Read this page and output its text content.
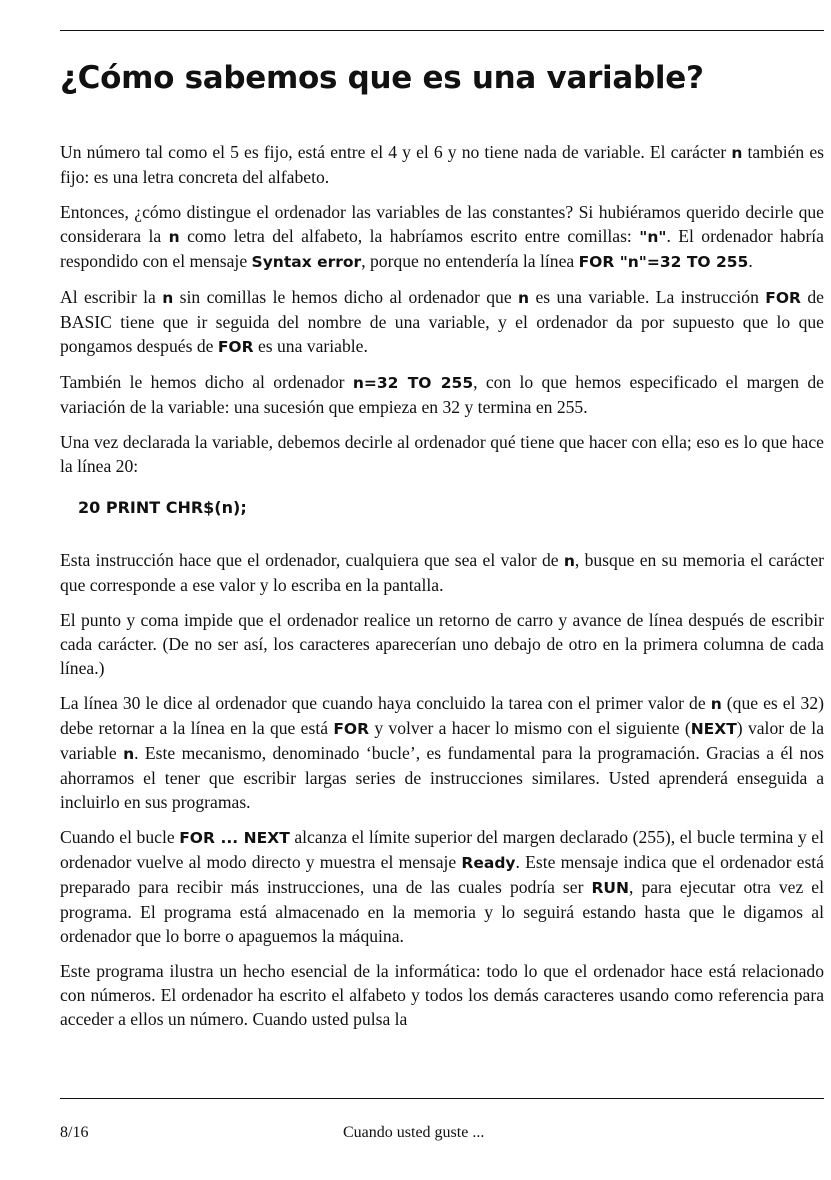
¿Cómo sabemos que es una variable?

Un número tal como el 5 es fijo, está entre el 4 y el 6 y no tiene nada de variable. El carácter n también es fijo: es una letra concreta del alfabeto.

Entonces, ¿cómo distingue el ordenador las variables de las constantes? Si hubiéramos querido decirle que considerara la n como letra del alfabeto, la habríamos escrito entre comillas: "n". El ordenador habría respondido con el mensaje Syntax error, porque no entendería la línea FOR "n"=32 TO 255.

Al escribir la n sin comillas le hemos dicho al ordenador que n es una variable. La instrucción FOR de BASIC tiene que ir seguida del nombre de una variable, y el ordenador da por supuesto que lo que pongamos después de FOR es una variable.

También le hemos dicho al ordenador n=32 TO 255, con lo que hemos especificado el margen de variación de la variable: una sucesión que empieza en 32 y termina en 255.

Una vez declarada la variable, debemos decirle al ordenador qué tiene que hacer con ella; eso es lo que hace la línea 20:

20 PRINT CHR$(n);

Esta instrucción hace que el ordenador, cualquiera que sea el valor de n, busque en su memoria el carácter que corresponde a ese valor y lo escriba en la pantalla.

El punto y coma impide que el ordenador realice un retorno de carro y avance de línea después de escribir cada carácter. (De no ser así, los caracteres aparecerían uno debajo de otro en la primera columna de cada línea.)

La línea 30 le dice al ordenador que cuando haya concluido la tarea con el primer valor de n (que es el 32) debe retornar a la línea en la que está FOR y volver a hacer lo mismo con el siguiente (NEXT) valor de la variable n. Este mecanismo, denominado ‘bucle’, es fundamental para la programación. Gracias a él nos ahorramos el tener que escribir largas series de instrucciones similares. Usted aprenderá enseguida a incluirlo en sus programas.

Cuando el bucle FOR ... NEXT alcanza el límite superior del margen declarado (255), el bucle termina y el ordenador vuelve al modo directo y muestra el mensaje Ready. Este mensaje indica que el ordenador está preparado para recibir más instrucciones, una de las cuales podría ser RUN, para ejecutar otra vez el programa. El programa está almacenado en la memoria y lo seguirá estando hasta que le digamos al ordenador que lo borre o apaguemos la máquina.

Este programa ilustra un hecho esencial de la informática: todo lo que el ordenador hace está relacionado con números. El ordenador ha escrito el alfabeto y todos los demás caracteres usando como referencia para acceder a ellos un número. Cuando usted pulsa la

8/16	Cuando usted guste ...
